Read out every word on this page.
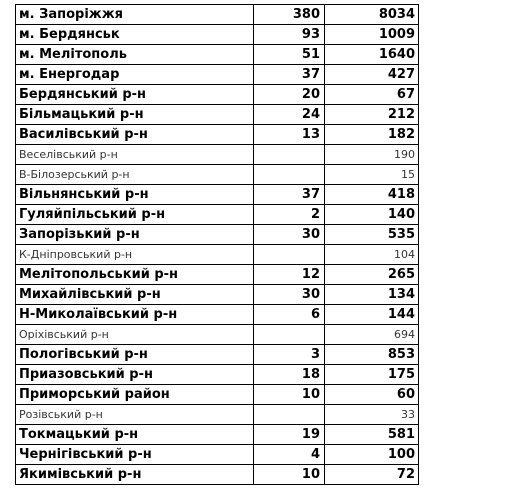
м. Запоріжжя	380	8034
м. Бердянськ	93	1009
м. Мелітополь	51	1640
м. Енергодар	37	427
Бердянський р-н	20	67
Більмацький р-н	24	212
Василівський р-н	13	182
Веселівський р-н		190
В-Білозерський р-н		15
Вільнянський р-н	37	418
Гуляйпільський р-н	2	140
Запорізький р-н	30	535
К-Дніпровський р-н		104
Мелітопольський р-н	12	265
Михайлівський р-н	30	134
Н-Миколаївський р-н	6	144
Оріхівський р-н		694
Пологівський р-н	3	853
Приазовський р-н	18	175
Приморський район	10	60
Розівський р-н		33
Токмацький р-н	19	581
Чернігівський р-н	4	100
Якимівський р-н	10	72
